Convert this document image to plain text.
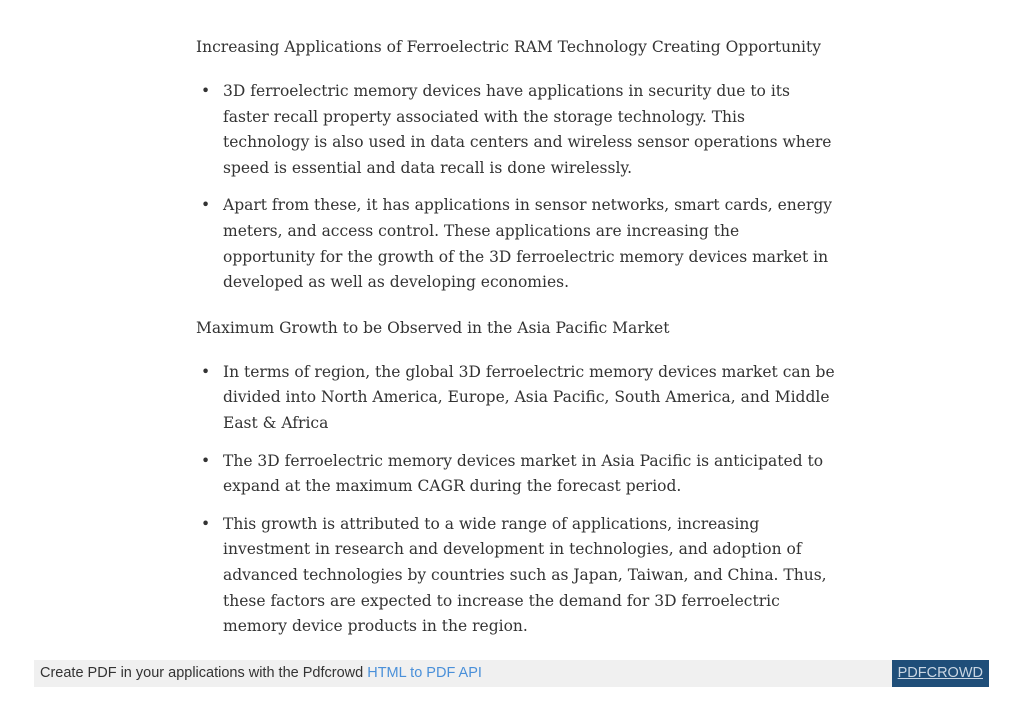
Increasing Applications of Ferroelectric RAM Technology Creating Opportunity

• 3D ferroelectric memory devices have applications in security due to its faster recall property associated with the storage technology. This technology is also used in data centers and wireless sensor operations where speed is essential and data recall is done wirelessly.
• Apart from these, it has applications in sensor networks, smart cards, energy meters, and access control. These applications are increasing the opportunity for the growth of the 3D ferroelectric memory devices market in developed as well as developing economies.

Maximum Growth to be Observed in the Asia Pacific Market

• In terms of region, the global 3D ferroelectric memory devices market can be divided into North America, Europe, Asia Pacific, South America, and Middle East & Africa
• The 3D ferroelectric memory devices market in Asia Pacific is anticipated to expand at the maximum CAGR during the forecast period.
• This growth is attributed to a wide range of applications, increasing investment in research and development in technologies, and adoption of advanced technologies by countries such as Japan, Taiwan, and China. Thus, these factors are expected to increase the demand for 3D ferroelectric memory device products in the region.
Create PDF in your applications with the Pdfcrowd HTML to PDF API	PDFCROWD
